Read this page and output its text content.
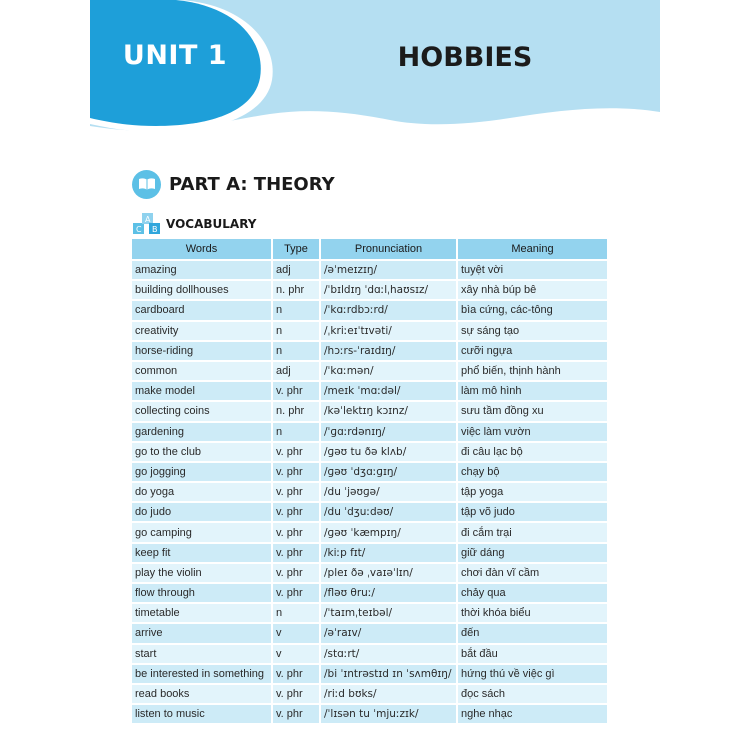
UNIT 1	HOBBIES
PART A: THEORY
C
A
B VOCABULARY
Words	Type	Pronunciation	Meaning
amazing	adj	/əˈmeɪzɪŋ/	tuyệt vời
building dollhouses	n. phr	/ˈbɪldɪŋ ˈdɑːlˌhaʊsɪz/	xây nhà búp bê
cardboard	n	/ˈkɑːrdbɔːrd/	bìa cứng, các-tông
creativity	n	/ˌkriːeɪˈtɪvəti/	sự sáng tạo
horse-riding	n	/hɔːrs-ˈraɪdɪŋ/	cưỡi ngựa
common	adj	/ˈkɑːmən/	phổ biến, thịnh hành
make model	v. phr	/meɪk ˈmɑːdəl/	làm mô hình
collecting coins	n. phr	/kəˈlektɪŋ kɔɪnz/	sưu tầm đồng xu
gardening	n	/ˈɡɑːrdənɪŋ/	việc làm vườn
go to the club	v. phr	/ɡəʊ tu ðə klʌb/	đi câu lạc bộ
go jogging	v. phr	/ɡəʊ ˈdʒɑːɡɪŋ/	chạy bộ
do yoga	v. phr	/du ˈjəʊɡə/	tập yoga
do judo	v. phr	/du ˈdʒuːdəʊ/	tập võ judo
go camping	v. phr	/ɡəʊ ˈkæmpɪŋ/	đi cắm trại
keep fit	v. phr	/kiːp fɪt/	giữ dáng
play the violin	v. phr	/pleɪ ðə ˌvaɪəˈlɪn/	chơi đàn vĩ cầm
flow through	v. phr	/fləʊ θruː/	chảy qua
timetable	n	/ˈtaɪmˌteɪbəl/	thời khóa biểu
arrive	v	/əˈraɪv/	đến
start	v	/stɑːrt/	bắt đầu
be interested in something	v. phr	/bi ˈɪntrəstɪd ɪn ˈsʌmθɪŋ/	hứng thú về việc gì
read books	v. phr	/riːd bʊks/	đọc sách
listen to music	v. phr	/ˈlɪsən tu ˈmjuːzɪk/	nghe nhạc
